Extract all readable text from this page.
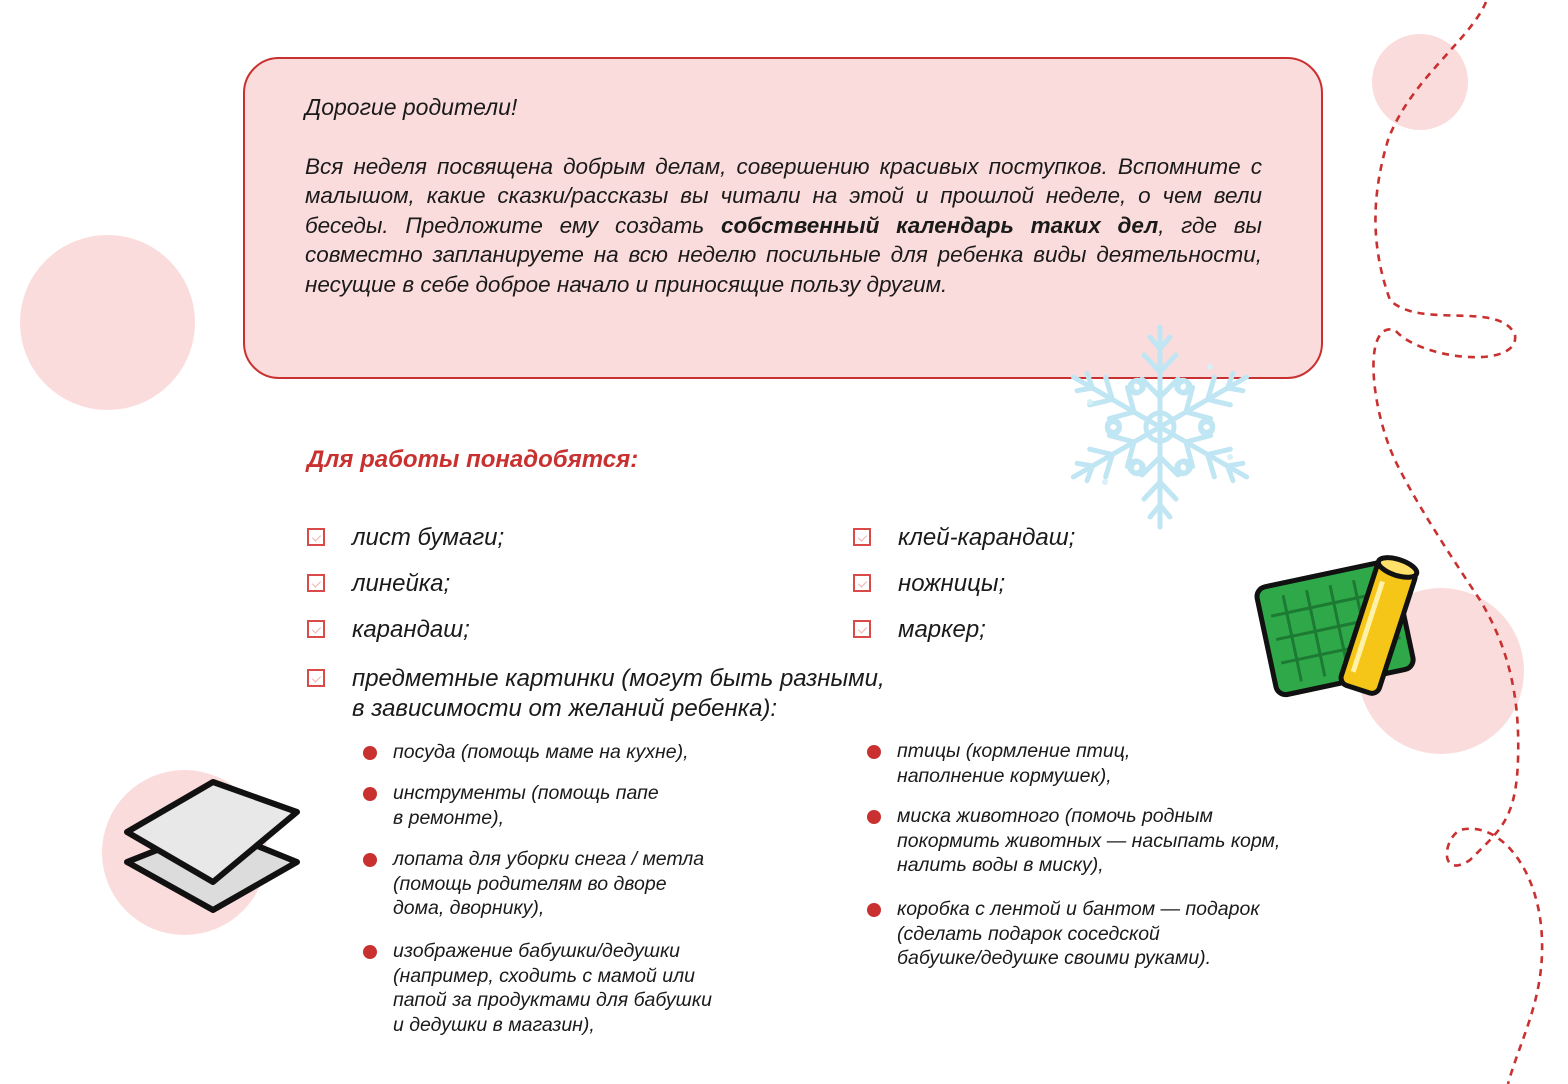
Дорогие родители!

Вся неделя посвящена добрым делам, совершению красивых поступков. Вспомните с малышом, какие сказки/рассказы вы читали на этой и прошлой неделе, о чем вели беседы. Предложите ему создать собственный календарь таких дел, где вы совместно запланируете на всю неделю посильные для ребенка виды деятельности, несущие в себе доброе начало и приносящие пользу другим.

Для работы понадобятся:
лист бумаги;
линейка;
карандаш;
клей-карандаш;
ножницы;
маркер;
предметные картинки (могут быть разными,
в зависимости от желаний ребенка):
посуда (помощь маме на кухне),
инструменты (помощь папе
в ремонте),
лопата для уборки снега / метла
(помощь родителям во дворе
дома, дворнику),
изображение бабушки/дедушки
(например, сходить с мамой или
папой за продуктами для бабушки
и дедушки в магазин),
птицы (кормление птиц,
наполнение кормушек),
миска животного (помочь родным
покормить животных — насыпать корм,
налить воды в миску),
коробка с лентой и бантом — подарок
(сделать подарок соседской
бабушке/дедушке своими руками).
